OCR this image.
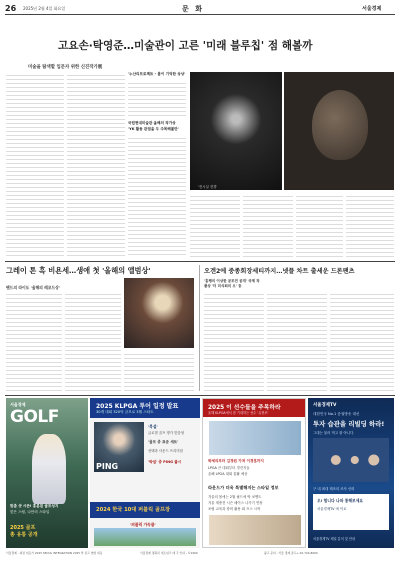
26 2025년 2월 4일 화요일	문 화	서울경제
고요손·탁영준…미술관이 고른 '미래 블루칩' 점 해볼까
미술을 탐색할 입문자 위한 신진작가展
'누산리프로젝트 - 몸이 기억한 상상'
국립현대미술관 올해의 작가상
'YK 활동 관점을 두 주목해볼만'
'전시실 전경'
그레이 톤 흑 비욘세…생애 첫 '올해의 앨범상'
팬드의 라이도 '올해의 레코드상'
오겐2에 중종회장세티까지…넷플 차트 출세운 드론팬츠
'흥행의 이상한 공모전 공개' 국제 작품상 '더 미식회의 오' 등
서울경제
GOLF
맞춘 샷 시즌! 흥분된 골프성지
맞은 스윙, 나만의 스타일
2025 골프
총 유통 공개
2025 KLPGA 투어 일정 발표
30개 대회 320억 규모로 3월 스타트
PING
'북설'
글로벌 골프 명가 맞춤형
'골프 중 표준 세트'
선택과 사운드 프리미엄
'박설' 중 PING 출시
2024 한국 10대 퍼블릭 골프장
'퍼블릭 가속클'
2025 이 선수들을 주목하라
올해 KLPGA에서 잠 기대하는 선수 '유현조'
박세리부터 김경원 가져 이경훈까지
LPGA 큰 대회부터 경진지들
올해 LPGA 대회 불활 예상
라운드가 더욱 특별해지는 스타일 정보
겨울의 볼에는 2월 필드에 딱 코멘트
겨울 재충전 시즌 메이스 나가기 연장
조립 교육과 장비 활용 회 프스 시작
서울경제TV
대한민국 No.1 증권방송 대선
투자 습관을 리빌딩 하라!
그대는 불러 먹고 잘 아니다
구 내 최대 제조의 조사 신뢰
오! 합니다 나와 통해보세요
서울경제TV 에 이로
서울경제TV 채널 분석 및 안내
서울경제 - 회장 대표가 2025 SEOUL INTEGRATION 2025 학 골프 협업 대동	서울경제 정확히 네트워크 매 주 안내 - ©1900	광고 문의 : 서울 경제 골프+ 02-724-8600
